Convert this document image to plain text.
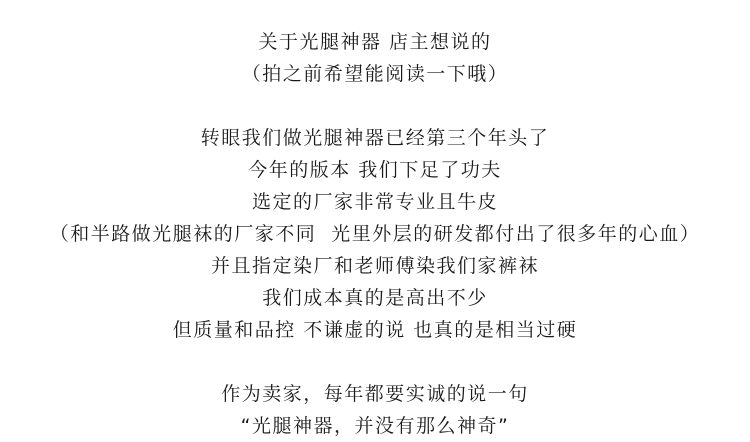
关于光腿神器 店主想说的
（拍之前希望能阅读一下哦）
转眼我们做光腿神器已经第三个年头了
今年的版本 我们下足了功夫
选定的厂家非常专业且牛皮
（和半路做光腿袜的厂家不同  光里外层的研发都付出了很多年的心血）
并且指定染厂和老师傅染我们家裤袜
我们成本真的是高出不少
但质量和品控 不谦虚的说 也真的是相当过硬
作为卖家，每年都要实诚的说一句
“光腿神器，并没有那么神奇”
